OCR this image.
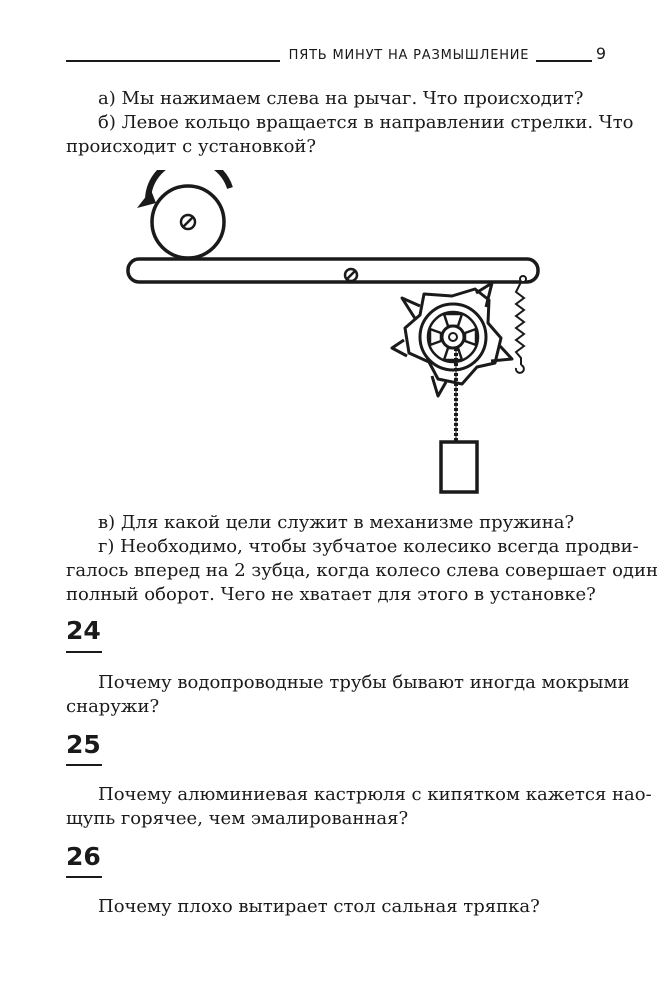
ПЯТЬ МИНУТ НА РАЗМЫШЛЕНИЕ	9

а) Мы нажимаем слева на рычаг. Что происходит?

б) Левое кольцо вращается в направлении стрелки. Что

происходит с установкой?

в) Для какой цели служит в механизме пружина?

г) Необходимо, чтобы зубчатое колесико всегда продви-

галось вперед на 2 зубца, когда колесо слева совершает один

полный оборот. Чего не хватает для этого в установке?

24

Почему водопроводные трубы бывают иногда мокрыми

снаружи?

25

Почему алюминиевая кастрюля с кипятком кажется нао-

щупь горячее, чем эмалированная?

26

Почему плохо вытирает стол сальная тряпка?
